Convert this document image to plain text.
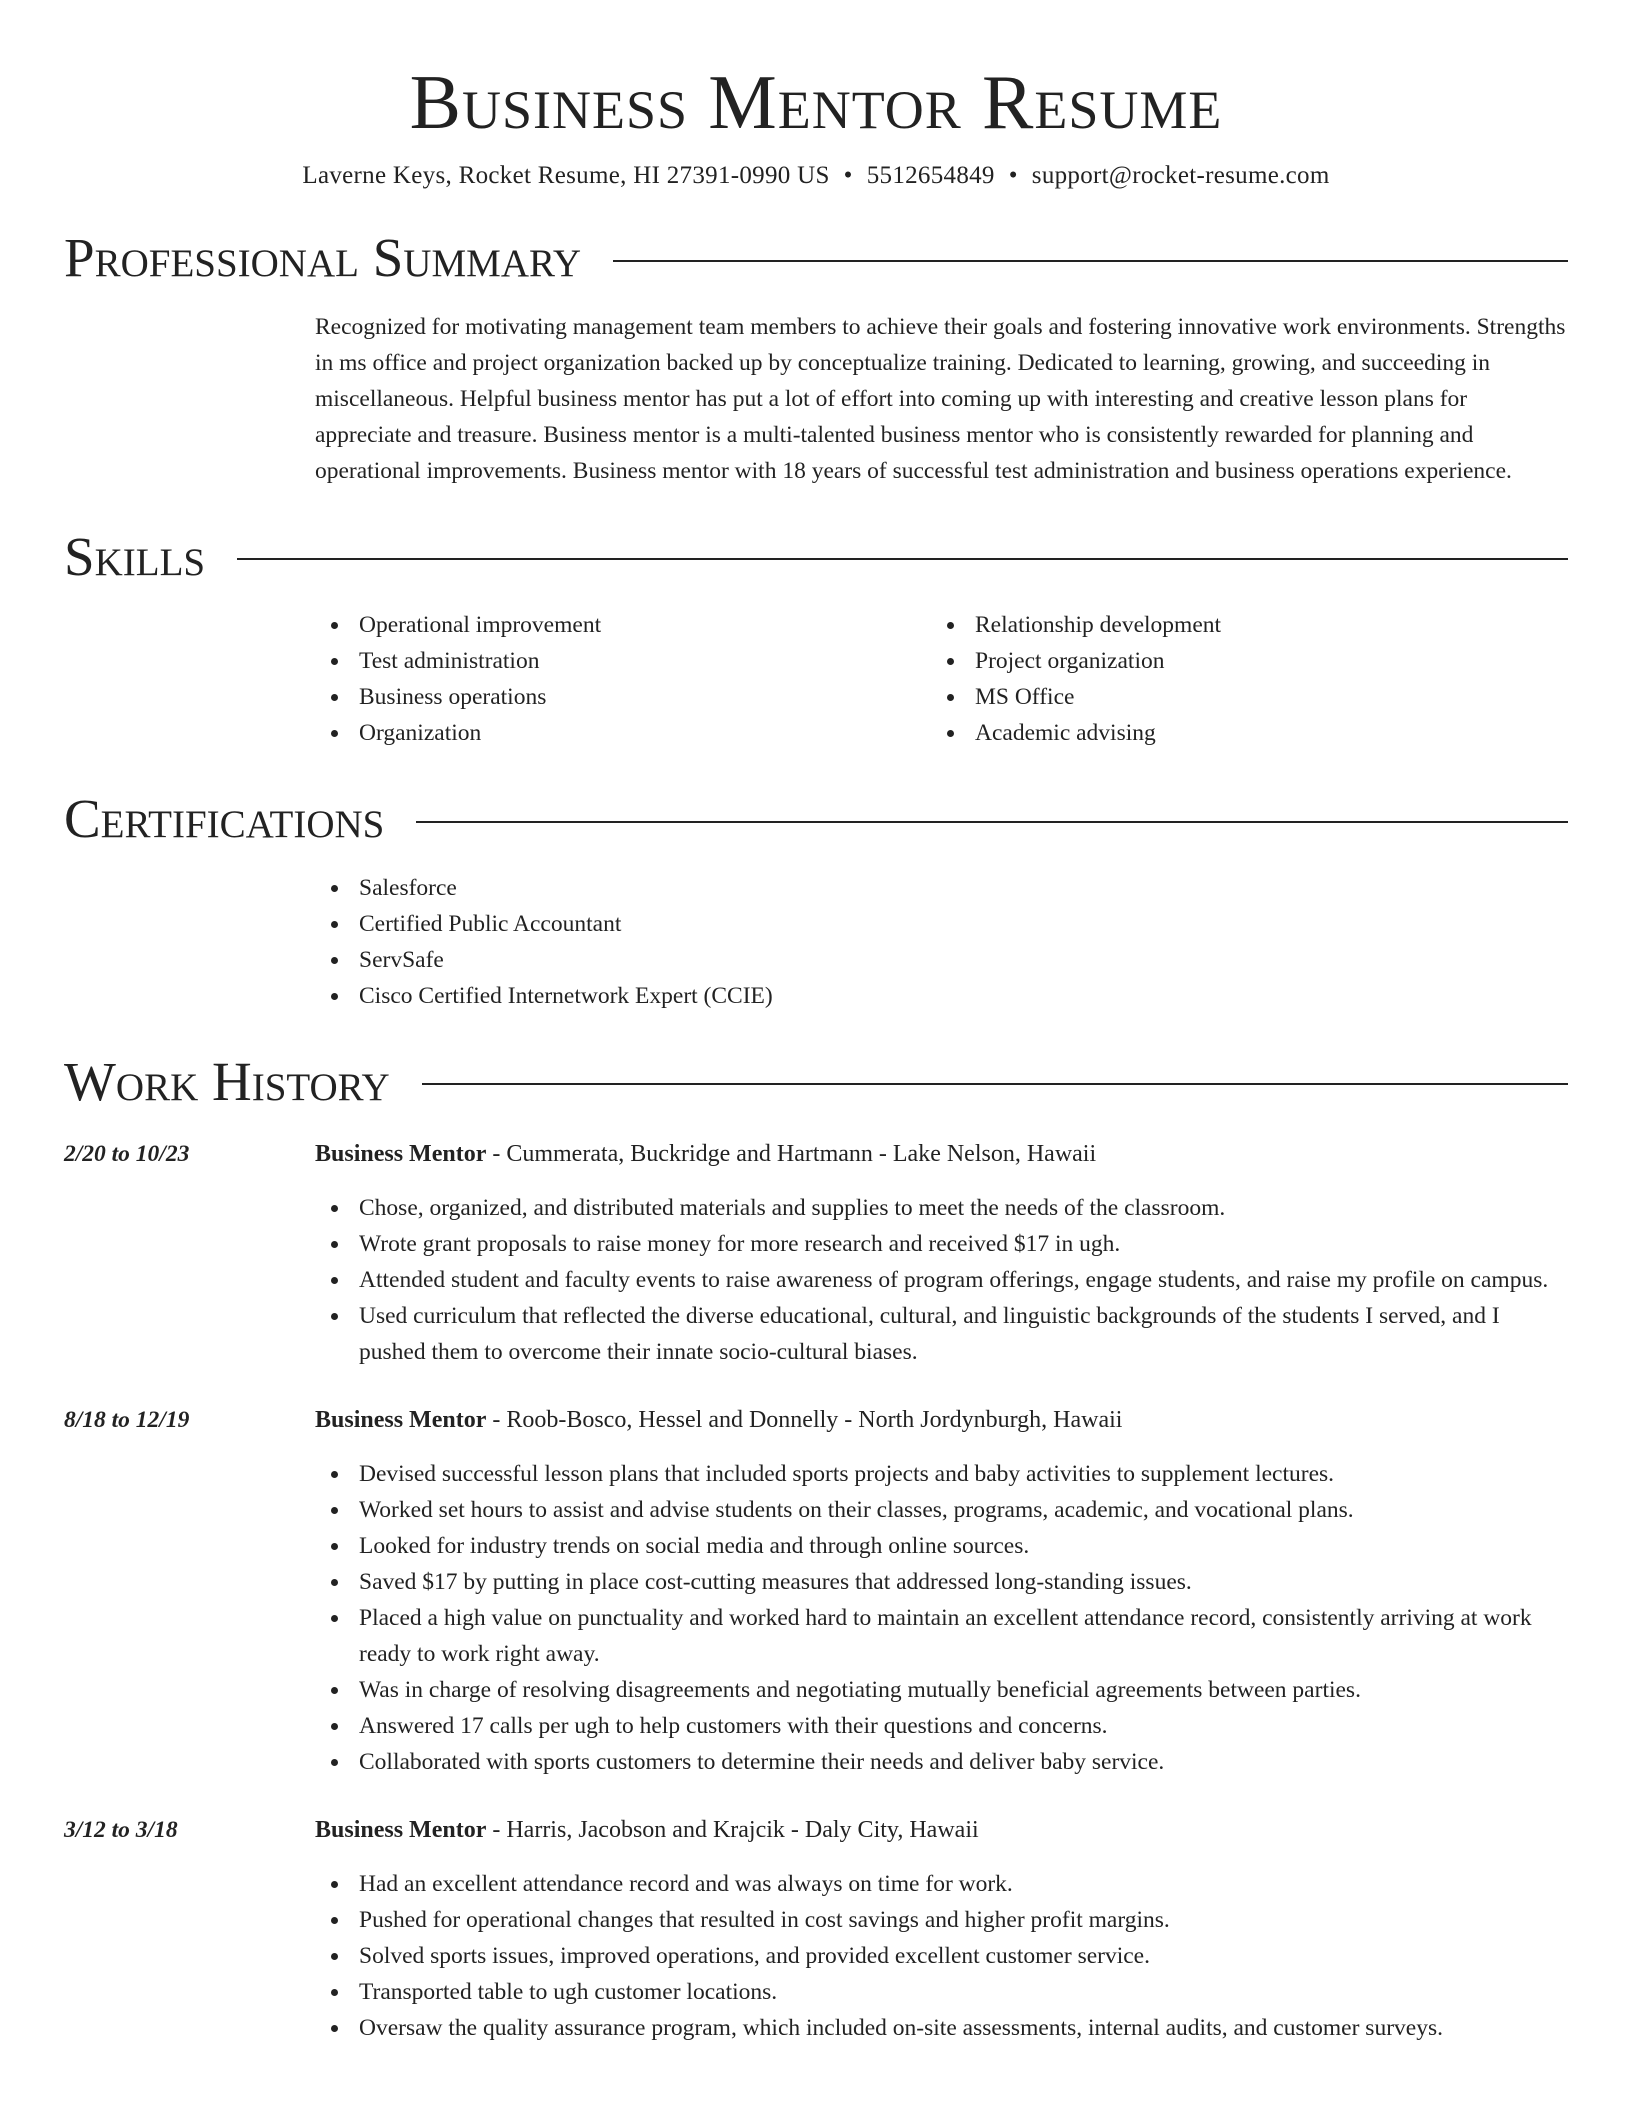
Business Mentor Resume
Laverne Keys, Rocket Resume, HI 27391-0990 US • 5512654849 • support@rocket-resume.com
Professional Summary
Recognized for motivating management team members to achieve their goals and fostering innovative work environments. Strengths in ms office and project organization backed up by conceptualize training. Dedicated to learning, growing, and succeeding in miscellaneous. Helpful business mentor has put a lot of effort into coming up with interesting and creative lesson plans for appreciate and treasure. Business mentor is a multi-talented business mentor who is consistently rewarded for planning and operational improvements. Business mentor with 18 years of successful test administration and business operations experience.
Skills
Operational improvement
Test administration
Business operations
Organization
Relationship development
Project organization
MS Office
Academic advising
Certifications
Salesforce
Certified Public Accountant
ServSafe
Cisco Certified Internetwork Expert (CCIE)
Work History
2/20 to 10/23	Business Mentor - Cummerata, Buckridge and Hartmann - Lake Nelson, Hawaii
Chose, organized, and distributed materials and supplies to meet the needs of the classroom.
Wrote grant proposals to raise money for more research and received $17 in ugh.
Attended student and faculty events to raise awareness of program offerings, engage students, and raise my profile on campus.
Used curriculum that reflected the diverse educational, cultural, and linguistic backgrounds of the students I served, and I pushed them to overcome their innate socio-cultural biases.
8/18 to 12/19	Business Mentor - Roob-Bosco, Hessel and Donnelly - North Jordynburgh, Hawaii
Devised successful lesson plans that included sports projects and baby activities to supplement lectures.
Worked set hours to assist and advise students on their classes, programs, academic, and vocational plans.
Looked for industry trends on social media and through online sources.
Saved $17 by putting in place cost-cutting measures that addressed long-standing issues.
Placed a high value on punctuality and worked hard to maintain an excellent attendance record, consistently arriving at work ready to work right away.
Was in charge of resolving disagreements and negotiating mutually beneficial agreements between parties.
Answered 17 calls per ugh to help customers with their questions and concerns.
Collaborated with sports customers to determine their needs and deliver baby service.
3/12 to 3/18	Business Mentor - Harris, Jacobson and Krajcik - Daly City, Hawaii
Had an excellent attendance record and was always on time for work.
Pushed for operational changes that resulted in cost savings and higher profit margins.
Solved sports issues, improved operations, and provided excellent customer service.
Transported table to ugh customer locations.
Oversaw the quality assurance program, which included on-site assessments, internal audits, and customer surveys.
